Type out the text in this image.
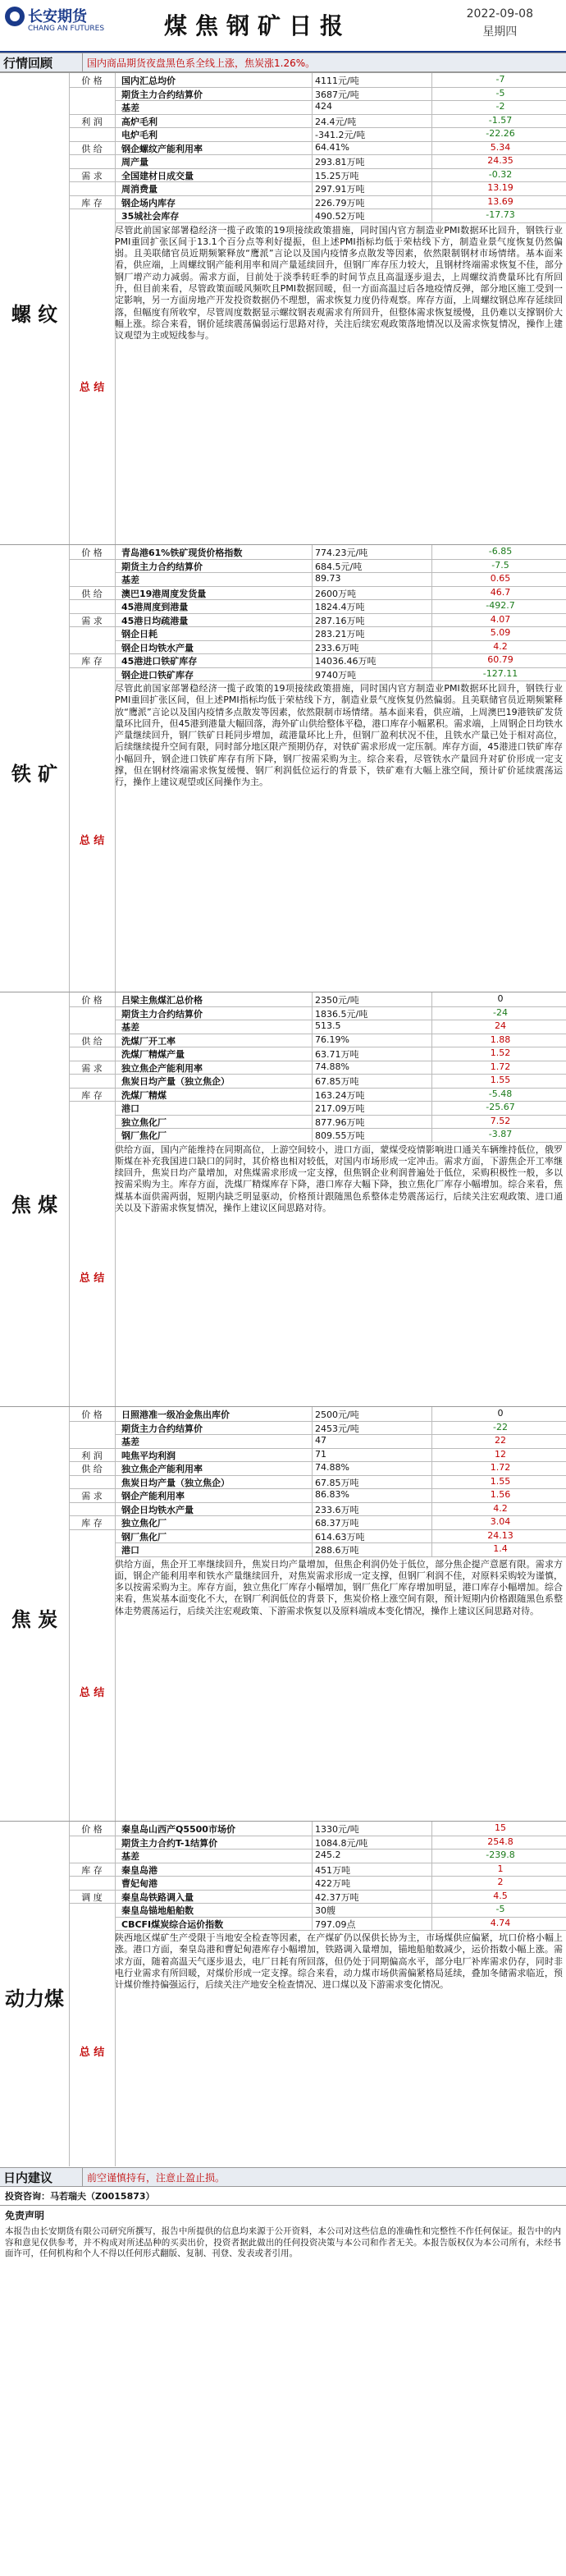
长安期货
CHANG AN FUTURES	煤焦钢矿日报	2022-09-08
星期四
行情回顾	国内商品期货夜盘黑色系全线上涨，焦炭涨1.26%。
价 格	国内汇总均价	4111元/吨	-7
期货主力合约结算价	3687元/吨	-5
基差	424	-2
利 润	高炉毛利	24.4元/吨	-1.57
电炉毛利	-341.2元/吨	-22.26
供 给	钢企螺纹产能利用率	64.41%	5.34
周产量	293.81万吨	24.35
需 求	全国建材日成交量	15.25万吨	-0.32
周消费量	297.91万吨	13.19
库 存	钢企场内库存	226.79万吨	13.69
35城社会库存	490.52万吨	-17.73
螺 纹
总 结
尽管此前国家部署稳经济一揽子政策的19项接续政策措施，同时国内官方制造业PMI数据环比回升，钢铁行业PMI重回扩张区间于13.1个百分点等利好提振，但上述PMI指标均低于荣枯线下方，制造业景气度恢复仍然偏弱。且美联储官员近期频繁释放“鹰派”言论以及国内疫情多点散发等因素，依然限制钢材市场情绪。基本面来看，供应端，上周螺纹钢产能利用率和周产量延续回升，但钢厂库存压力较大，且钢材终端需求恢复不佳，部分钢厂增产动力减弱。需求方面，目前处于淡季转旺季的时间节点且高温逐步退去，上周螺纹消费量环比有所回升，但目前来看，尽管政策面暖风频吹且PMI数据回暖，但一方面高温过后各地疫情反弹，部分地区施工受到一定影响，另一方面房地产开发投资数据仍不理想，需求恢复力度仍待观察。库存方面，上周螺纹钢总库存延续回落，但幅度有所收窄，尽管周度数据显示螺纹钢表观需求有所回升，但整体需求恢复缓慢，且仍难以支撑钢价大幅上涨。综合来看，钢价延续震荡偏弱运行思路对待，关注后续宏观政策落地情况以及需求恢复情况，操作上建议观望为主或短线参与。
价 格	青岛港61%铁矿现货价格指数	774.23元/吨	-6.85
期货主力合约结算价	684.5元/吨	-7.5
基差	89.73	0.65
供 给	澳巴19港周度发货量	2600万吨	46.7
45港周度到港量	1824.4万吨	-492.7
需 求	45港日均疏港量	287.16万吨	4.07
钢企日耗	283.21万吨	5.09
钢企日均铁水产量	233.6万吨	4.2
库 存	45港进口铁矿库存	14036.46万吨	60.79
钢企进口铁矿库存	9740万吨	-127.11
铁 矿
总 结
尽管此前国家部署稳经济一揽子政策的19项接续政策措施，同时国内官方制造业PMI数据环比回升，钢铁行业PMI重回扩张区间，但上述PMI指标均低于荣枯线下方，制造业景气度恢复仍然偏弱。且美联储官员近期频繁释放“鹰派”言论以及国内疫情多点散发等因素，依然限制市场情绪。基本面来看，供应端，上周澳巴19港铁矿发货量环比回升，但45港到港量大幅回落，海外矿山供给整体平稳，港口库存小幅累积。需求端，上周钢企日均铁水产量继续回升，钢厂铁矿日耗同步增加，疏港量环比上升，但钢厂盈利状况不佳，且铁水产量已处于相对高位，后续继续提升空间有限，同时部分地区限产预期仍存，对铁矿需求形成一定压制。库存方面，45港进口铁矿库存小幅回升，钢企进口铁矿库存有所下降，钢厂按需采购为主。综合来看，尽管铁水产量回升对矿价形成一定支撑，但在钢材终端需求恢复缓慢、钢厂利润低位运行的背景下，铁矿难有大幅上涨空间，预计矿价延续震荡运行，操作上建议观望或区间操作为主。
价 格	吕梁主焦煤汇总价格	2350元/吨	0
期货主力合约结算价	1836.5元/吨	-24
基差	513.5	24
供 给	洗煤厂开工率	76.19%	1.88
洗煤厂精煤产量	63.71万吨	1.52
需 求	独立焦企产能利用率	74.88%	1.72
焦炭日均产量（独立焦企）	67.85万吨	1.55
库 存	洗煤厂精煤	163.24万吨	-5.48
港口	217.09万吨	-25.67
独立焦化厂	877.96万吨	7.52
钢厂焦化厂	809.55万吨	-3.87
焦 煤
总 结
供给方面，国内产能维持在同期高位，上游空间较小，进口方面，蒙煤受疫情影响进口通关车辆维持低位，俄罗斯煤在补充我国进口缺口的同时，其价格也相对较低，对国内市场形成一定冲击。需求方面，下游焦企开工率继续回升，焦炭日均产量增加，对焦煤需求形成一定支撑，但焦钢企业利润普遍处于低位，采购积极性一般，多以按需采购为主。库存方面，洗煤厂精煤库存下降，港口库存大幅下降，独立焦化厂库存小幅增加。综合来看，焦煤基本面供需两弱，短期内缺乏明显驱动，价格预计跟随黑色系整体走势震荡运行，后续关注宏观政策、进口通关以及下游需求恢复情况，操作上建议区间思路对待。
价 格	日照港准一级冶金焦出库价	2500元/吨	0
期货主力合约结算价	2453元/吨	-22
基差	47	22
利 润	吨焦平均利润	71	12
供 给	独立焦企产能利用率	74.88%	1.72
焦炭日均产量（独立焦企）	67.85万吨	1.55
需 求	钢企产能利用率	86.83%	1.56
钢企日均铁水产量	233.6万吨	4.2
库 存	独立焦化厂	68.37万吨	3.04
钢厂焦化厂	614.63万吨	24.13
港口	288.6万吨	1.4
焦 炭
总 结
供给方面，焦企开工率继续回升，焦炭日均产量增加，但焦企利润仍处于低位，部分焦企提产意愿有限。需求方面，钢企产能利用率和铁水产量继续回升，对焦炭需求形成一定支撑，但钢厂利润不佳，对原料采购较为谨慎，多以按需采购为主。库存方面，独立焦化厂库存小幅增加，钢厂焦化厂库存增加明显，港口库存小幅增加。综合来看，焦炭基本面变化不大，在钢厂利润低位的背景下，焦炭价格上涨空间有限，预计短期内价格跟随黑色系整体走势震荡运行，后续关注宏观政策、下游需求恢复以及原料端成本变化情况，操作上建议区间思路对待。
价 格	秦皇岛山西产Q5500市场价	1330元/吨	15
期货主力合约T-1结算价	1084.8元/吨	254.8
基差	245.2	-239.8
库 存	秦皇岛港	451万吨	1
曹妃甸港	422万吨	2
调 度	秦皇岛铁路调入量	42.37万吨	4.5
秦皇岛锚地船舶数	30艘	-5
CBCFI煤炭综合运价指数	797.09点	4.74
动力煤
总 结
陕西地区煤矿生产受限于当地安全检查等因素，在产煤矿仍以保供长协为主，市场煤供应偏紧，坑口价格小幅上涨。港口方面，秦皇岛港和曹妃甸港库存小幅增加，铁路调入量增加，锚地船舶数减少，运价指数小幅上涨。需求方面，随着高温天气逐步退去，电厂日耗有所回落，但仍处于同期偏高水平，部分电厂补库需求仍存，同时非电行业需求有所回暖，对煤价形成一定支撑。综合来看，动力煤市场供需偏紧格局延续，叠加冬储需求临近，预计煤价维持偏强运行，后续关注产地安全检查情况、进口煤以及下游需求变化情况。
日内建议	前空谨慎持有，注意止盈止损。
投资咨询：马若瑞夫（Z0015873）
免责声明
本报告由长安期货有限公司研究所撰写，报告中所提供的信息均来源于公开资料，本公司对这些信息的准确性和完整性不作任何保证。报告中的内容和意见仅供参考，并不构成对所述品种的买卖出价，投资者据此做出的任何投资决策与本公司和作者无关。本报告版权仅为本公司所有，未经书面许可，任何机构和个人不得以任何形式翻版、复制、刊登、发表或者引用。
